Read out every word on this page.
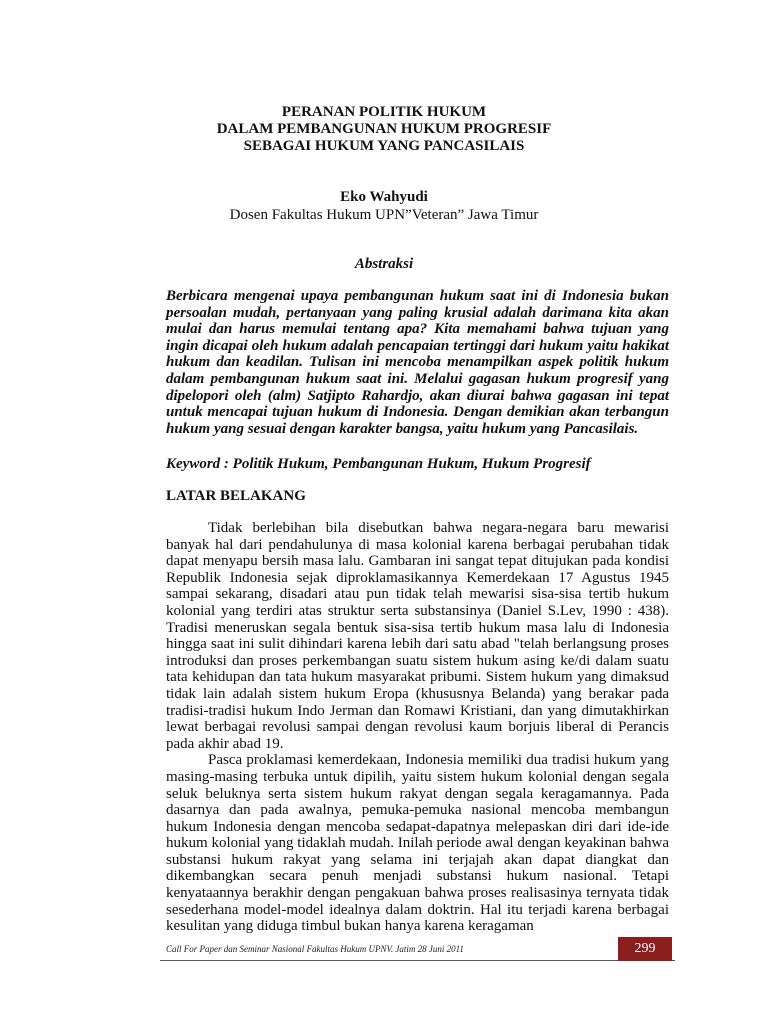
PERANAN POLITIK HUKUM
DALAM PEMBANGUNAN HUKUM PROGRESIF
SEBAGAI HUKUM YANG PANCASILAIS
Eko Wahyudi
Dosen Fakultas Hukum UPN”Veteran” Jawa Timur
Abstraksi
Berbicara mengenai upaya pembangunan hukum saat ini di Indonesia bukan persoalan mudah, pertanyaan yang paling krusial adalah darimana kita akan mulai dan harus memulai tentang apa? Kita memahami bahwa tujuan yang ingin dicapai oleh hukum adalah pencapaian tertinggi dari hukum yaitu hakikat hukum dan keadilan. Tulisan ini mencoba menampilkan aspek politik hukum dalam pembangunan hukum saat ini. Melalui gagasan hukum progresif yang dipelopori oleh (alm) Satjipto Rahardjo, akan diurai bahwa gagasan ini tepat untuk mencapai tujuan hukum di Indonesia. Dengan demikian akan terbangun hukum yang sesuai dengan karakter bangsa, yaitu hukum yang Pancasilais.
Keyword : Politik Hukum, Pembangunan Hukum, Hukum Progresif
LATAR BELAKANG

Tidak berlebihan bila disebutkan bahwa negara-negara baru mewarisi banyak hal dari pendahulunya di masa kolonial karena berbagai perubahan tidak dapat menyapu bersih masa lalu. Gambaran ini sangat tepat ditujukan pada kondisi Republik Indonesia sejak diproklamasikannya Kemerdekaan 17 Agustus 1945 sampai sekarang, disadari atau pun tidak telah mewarisi sisa-sisa tertib hukum kolonial yang terdiri atas struktur serta substansinya (Daniel S.Lev, 1990 : 438). Tradisi meneruskan segala bentuk sisa-sisa tertib hukum masa lalu di Indonesia hingga saat ini sulit dihindari karena lebih dari satu abad "telah berlangsung proses introduksi dan proses perkembangan suatu sistem hukum asing ke/di dalam suatu tata kehidupan dan tata hukum masyarakat pribumi. Sistem hukum yang dimaksud tidak lain adalah sistem hukum Eropa (khususnya Belanda) yang berakar pada tradisi-tradisi hukum Indo Jerman dan Romawi Kristiani, dan yang dimutakhirkan lewat berbagai revolusi sampai dengan revolusi kaum borjuis liberal di Perancis pada akhir abad 19.

Pasca proklamasi kemerdekaan, Indonesia memiliki dua tradisi hukum yang masing-masing terbuka untuk dipilih, yaitu sistem hukum kolonial dengan segala seluk beluknya serta sistem hukum rakyat dengan segala keragamannya. Pada dasarnya dan pada awalnya, pemuka-pemuka nasional mencoba membangun hukum Indonesia dengan mencoba sedapat-dapatnya melepaskan diri dari ide-ide hukum kolonial yang tidaklah mudah. Inilah periode awal dengan keyakinan bahwa substansi hukum rakyat yang selama ini terjajah akan dapat diangkat dan dikembangkan secara penuh menjadi substansi hukum nasional. Tetapi kenyataannya berakhir dengan pengakuan bahwa proses realisasinya ternyata tidak sesederhana model-model idealnya dalam doktrin. Hal itu terjadi karena berbagai kesulitan yang diduga timbul bukan hanya karena keragaman

Call For Paper dan Seminar Nasional Fakultas Hukum UPNV. Jatim 28 Juni 2011	299
